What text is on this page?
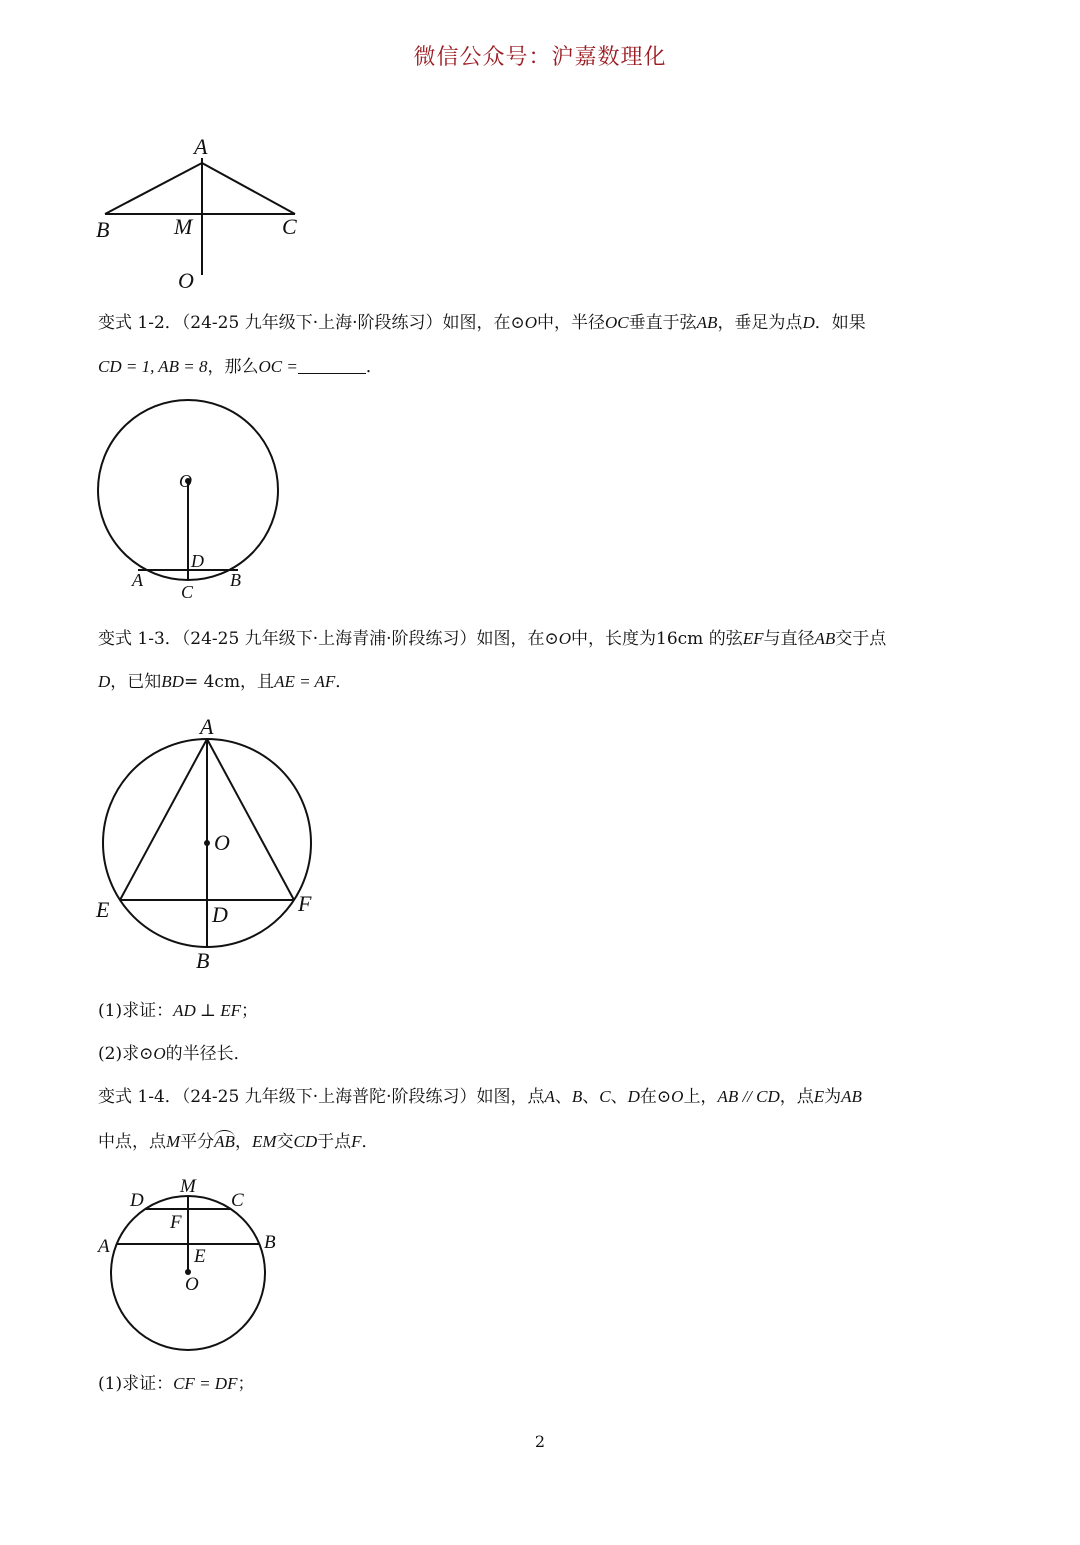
微信公众号：沪嘉数理化
A
B	M	C
O
变式 1-2．（24-25 九年级下·上海·阶段练习）如图，在⊙O中，半径OC垂直于弦AB，垂足为点D．如果
CD = 1, AB = 8，那么OC =	．
O
D
A	B
C
变式 1-3．（24-25 九年级下·上海青浦·阶段练习）如图，在⊙O中，长度为16cm 的弦EF与直径AB交于点
D，已知BD= 4cm，且AE = AF．
A
O
E	F
D
B
(1)求证：AD ⊥ EF；
(2)求⊙O的半径长．
变式 1-4．（24-25 九年级下·上海普陀·阶段练习）如图，点A、B、C、D在⊙O上，AB // CD，点E为AB
中点，点M平分AB，EM交CD于点F．
M
D	C
F
A	B
E
O
(1)求证：CF = DF；
2
